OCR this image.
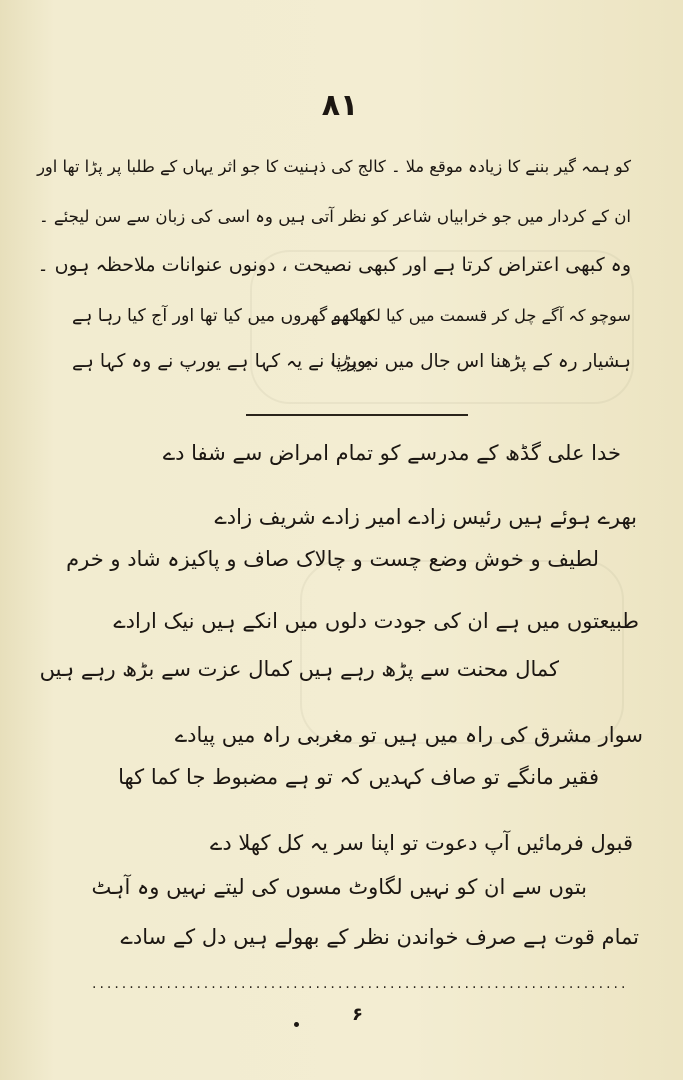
۸۱
کو ہمہ گیر بننے کا زیادہ موقع ملا ۔ کالج کی ذہنیت کا جو اثر یہاں کے طلبا پر پڑا تھا اور
ان کے کردار میں جو خرابیاں شاعر کو نظر آتی ہیں وہ اسی کی زبان سے سن لیجئے ۔
وہ کبھی اعتراض کرتا ہے اور کبھی نصیحت ، دونوں عنوانات ملاحظہ ہوں ۔
سوچو کہ آگے چل کر قسمت میں کیا لکھا ہے
دیکھو گھروں میں کیا تھا اور آج کیا رہا ہے
ہشیار رہ کے پڑھنا اس جال میں نہ پڑنا
یورپ نے یہ کہا ہے یورپ نے وہ کہا ہے
خدا علی گڈھ کے مدرسے کو تمام امراض سے شفا دے
بھرے ہوئے ہیں رئیس زادے امیر زادے شریف زادے
لطیف و خوش وضع چست و چالاک صاف و پاکیزہ شاد و خرم
طبیعتوں میں ہے ان کی جودت دلوں میں انکے ہیں نیک ارادے
کمال محنت سے پڑھ رہے ہیں کمال عزت سے بڑھ رہے ہیں
سوار مشرق کی راہ میں ہیں تو مغربی راہ میں پیادے
فقیر مانگے تو صاف کہدیں کہ تو ہے مضبوط جا کما کھا
قبول فرمائیں آپ دعوت تو اپنا سر یہ کل کھلا دے
بتوں سے ان کو نہیں لگاوٹ مسوں کی لیتے نہیں وہ آہٹ
تمام قوت ہے صرف خواندن نظر کے بھولے ہیں دل کے سادے
........................................................................
۶
